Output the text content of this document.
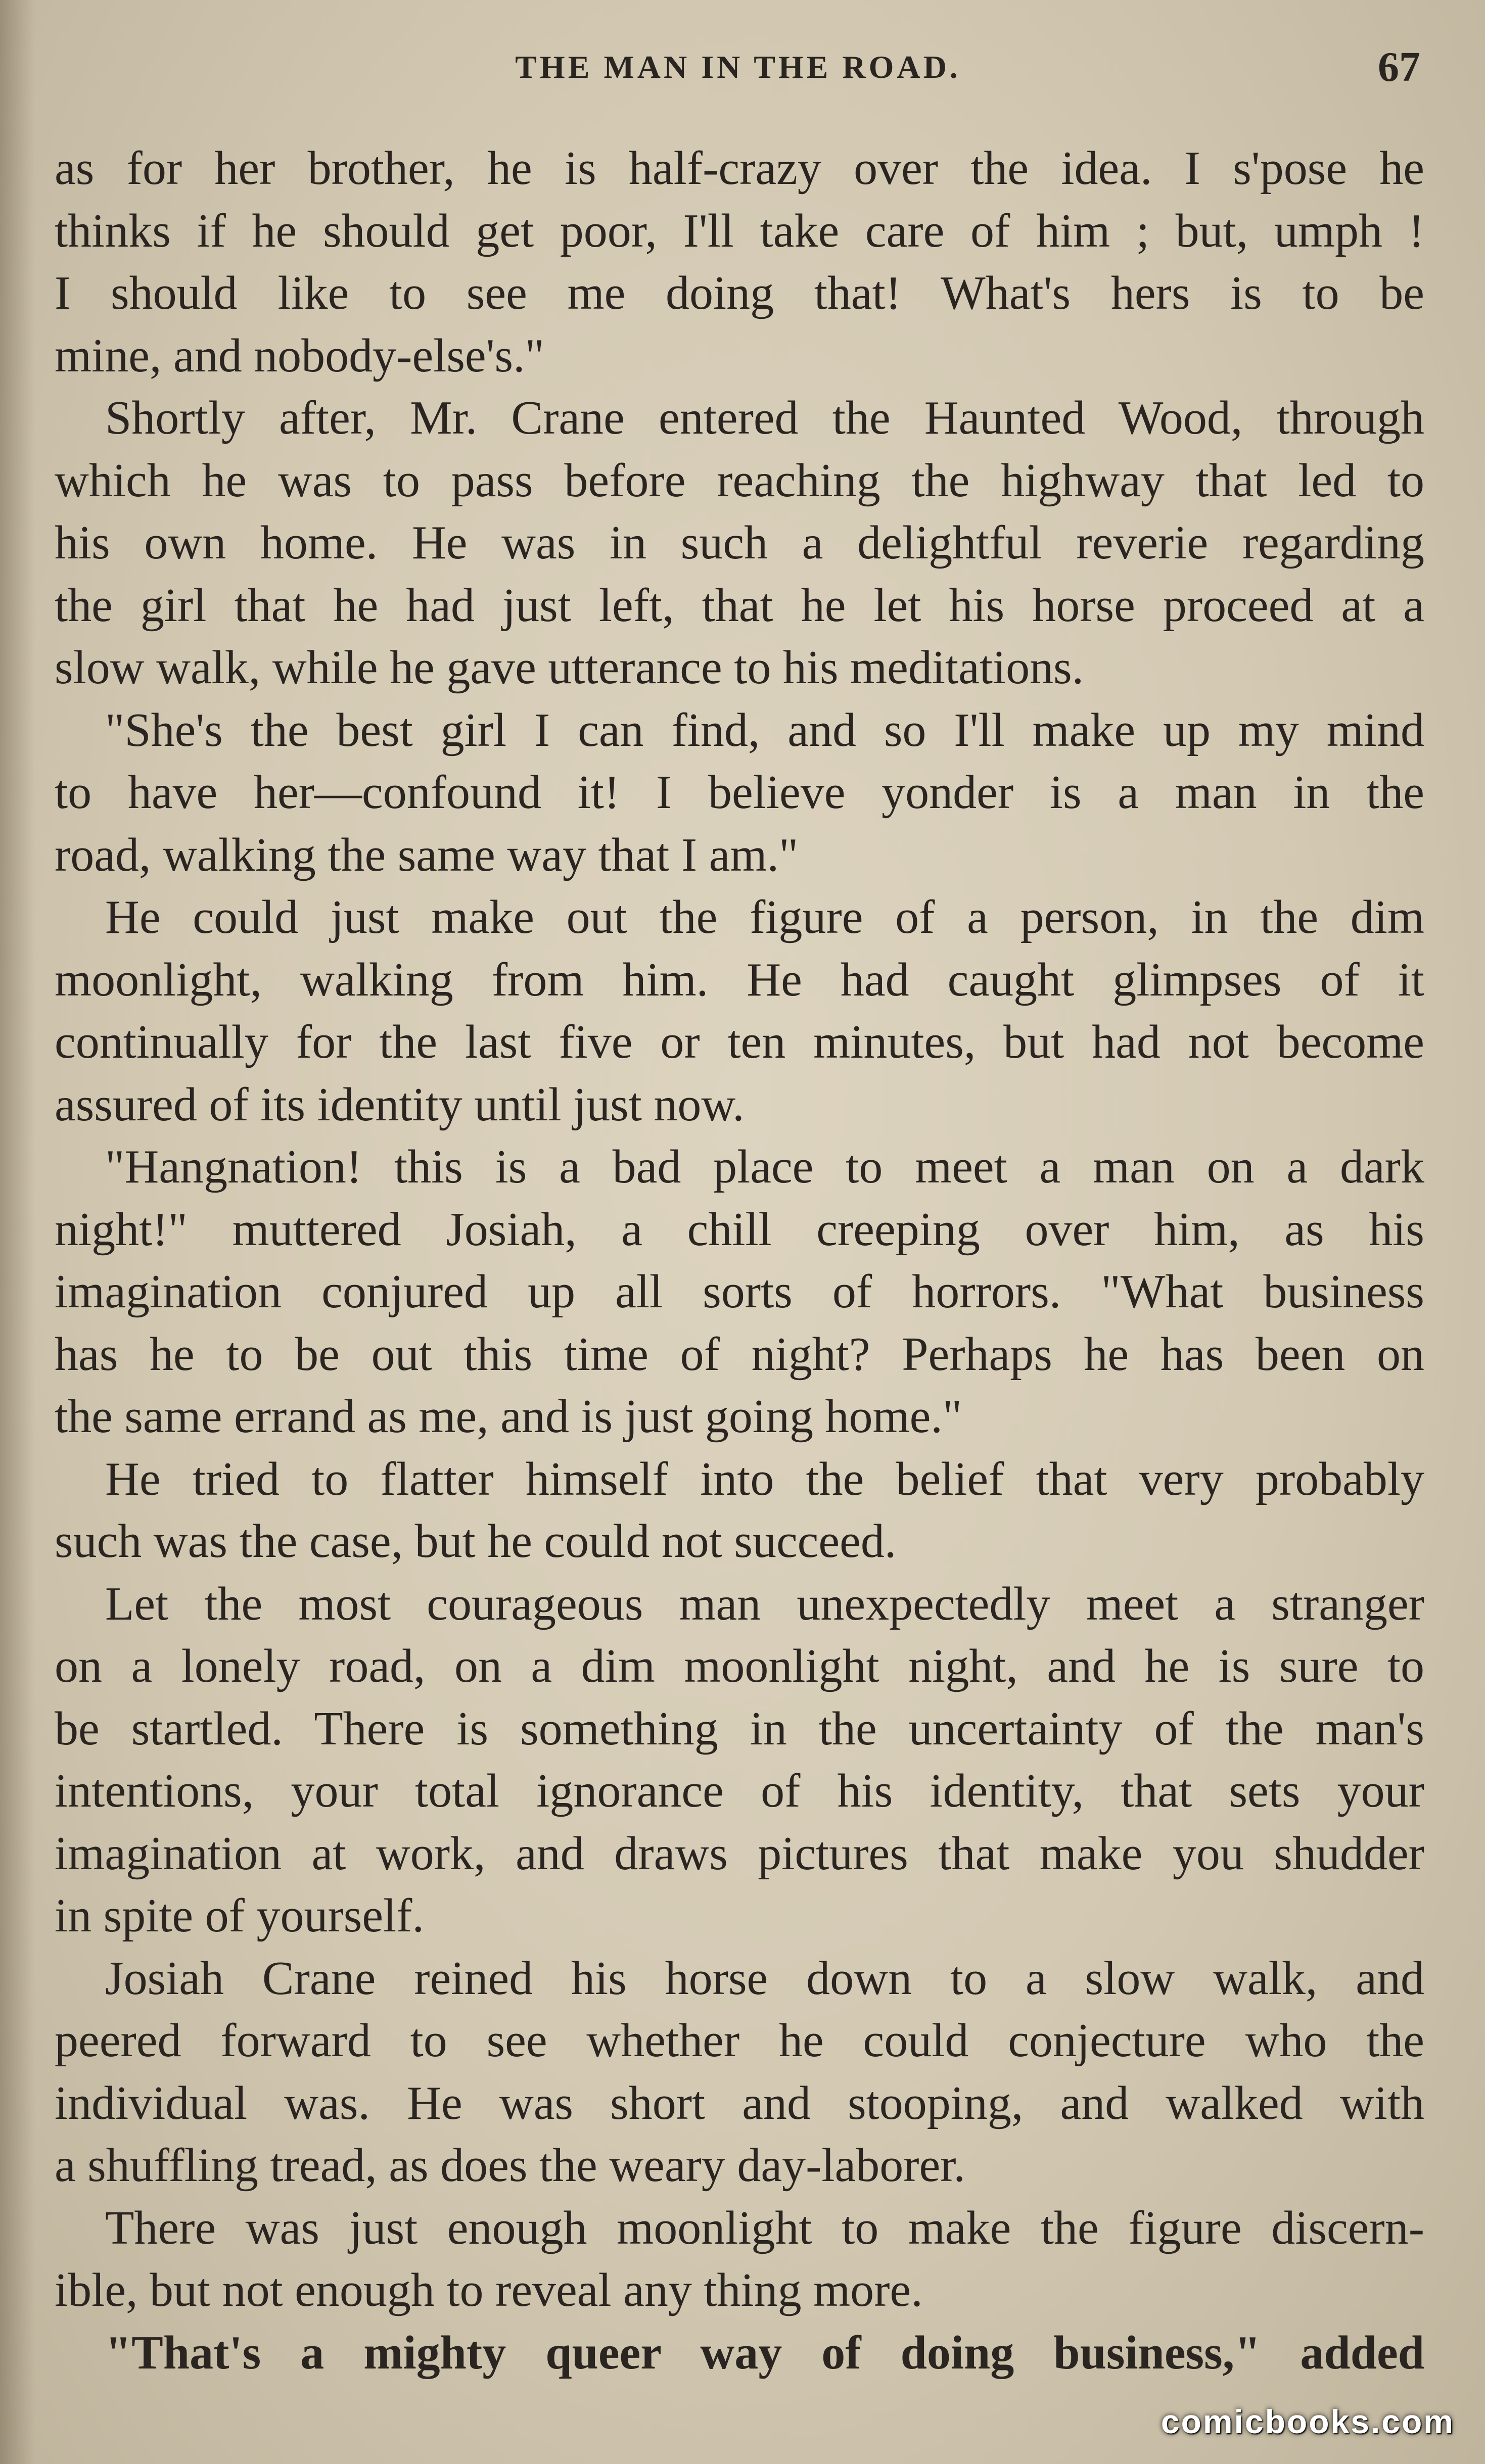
THE MAN IN THE ROAD.	67
as for her brother, he is half-crazy over the idea. I s'pose he
thinks if he should get poor, I'll take care of him ; but, umph !
I should like to see me doing that! What's hers is to be
mine, and nobody-else's."
Shortly after, Mr. Crane entered the Haunted Wood, through
which he was to pass before reaching the highway that led to
his own home. He was in such a delightful reverie regarding
the girl that he had just left, that he let his horse proceed at a
slow walk, while he gave utterance to his meditations.
"She's the best girl I can find, and so I'll make up my mind
to have her—confound it! I believe yonder is a man in the
road, walking the same way that I am."
He could just make out the figure of a person, in the dim
moonlight, walking from him. He had caught glimpses of it
continually for the last five or ten minutes, but had not become
assured of its identity until just now.
"Hangnation! this is a bad place to meet a man on a dark
night!" muttered Josiah, a chill creeping over him, as his
imagination conjured up all sorts of horrors. "What business
has he to be out this time of night? Perhaps he has been on
the same errand as me, and is just going home."
He tried to flatter himself into the belief that very probably
such was the case, but he could not succeed.
Let the most courageous man unexpectedly meet a stranger
on a lonely road, on a dim moonlight night, and he is sure to
be startled. There is something in the uncertainty of the man's
intentions, your total ignorance of his identity, that sets your
imagination at work, and draws pictures that make you shudder
in spite of yourself.
Josiah Crane reined his horse down to a slow walk, and
peered forward to see whether he could conjecture who the
individual was. He was short and stooping, and walked with
a shuffling tread, as does the weary day-laborer.
There was just enough moonlight to make the figure discern-
ible, but not enough to reveal any thing more.
"That's a mighty queer way of doing business," added
comicbooks.com
